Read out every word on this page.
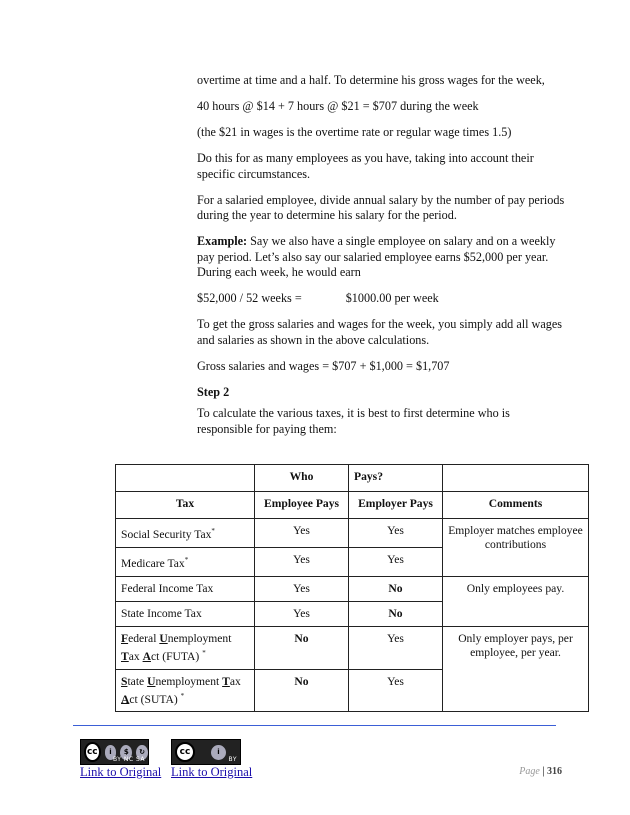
overtime at time and a half. To determine his gross wages for the week,

40 hours @ $14 + 7 hours @ $21 = $707 during the week

(the $21 in wages is the overtime rate or regular wage times 1.5)

Do this for as many employees as you have, taking into account their specific circumstances.

For a salaried employee, divide annual salary by the number of pay periods during the year to determine his salary for the period.

Example: Say we also have a single employee on salary and on a weekly pay period. Let’s also say our salaried employee earns $52,000 per year. During each week, he would earn

$52,000 / 52 weeks =	$1000.00 per week

To get the gross salaries and wages for the week, you simply add all wages and salaries as shown in the above calculations.

Gross salaries and wages = $707 + $1,000 = $1,707

Step 2

To calculate the various taxes, it is best to first determine who is responsible for paying them:

	Who	Pays?	
Tax	Employee Pays	Employer Pays	Comments
Social Security Tax*	Yes	Yes	Employer matches employee contributions
Medicare Tax*	Yes	Yes	
Federal Income Tax	Yes	No	Only employees pay.
State Income Tax	Yes	No	
Federal Unemployment Tax Act (FUTA) *	No	Yes	Only employer pays, per employee, per year.
State Unemployment Tax Act (SUTA) *	No	Yes	
cc	i	$	↻
BY NC SA
cc	i
BY
Link to Original Link to Original	Page | 316
